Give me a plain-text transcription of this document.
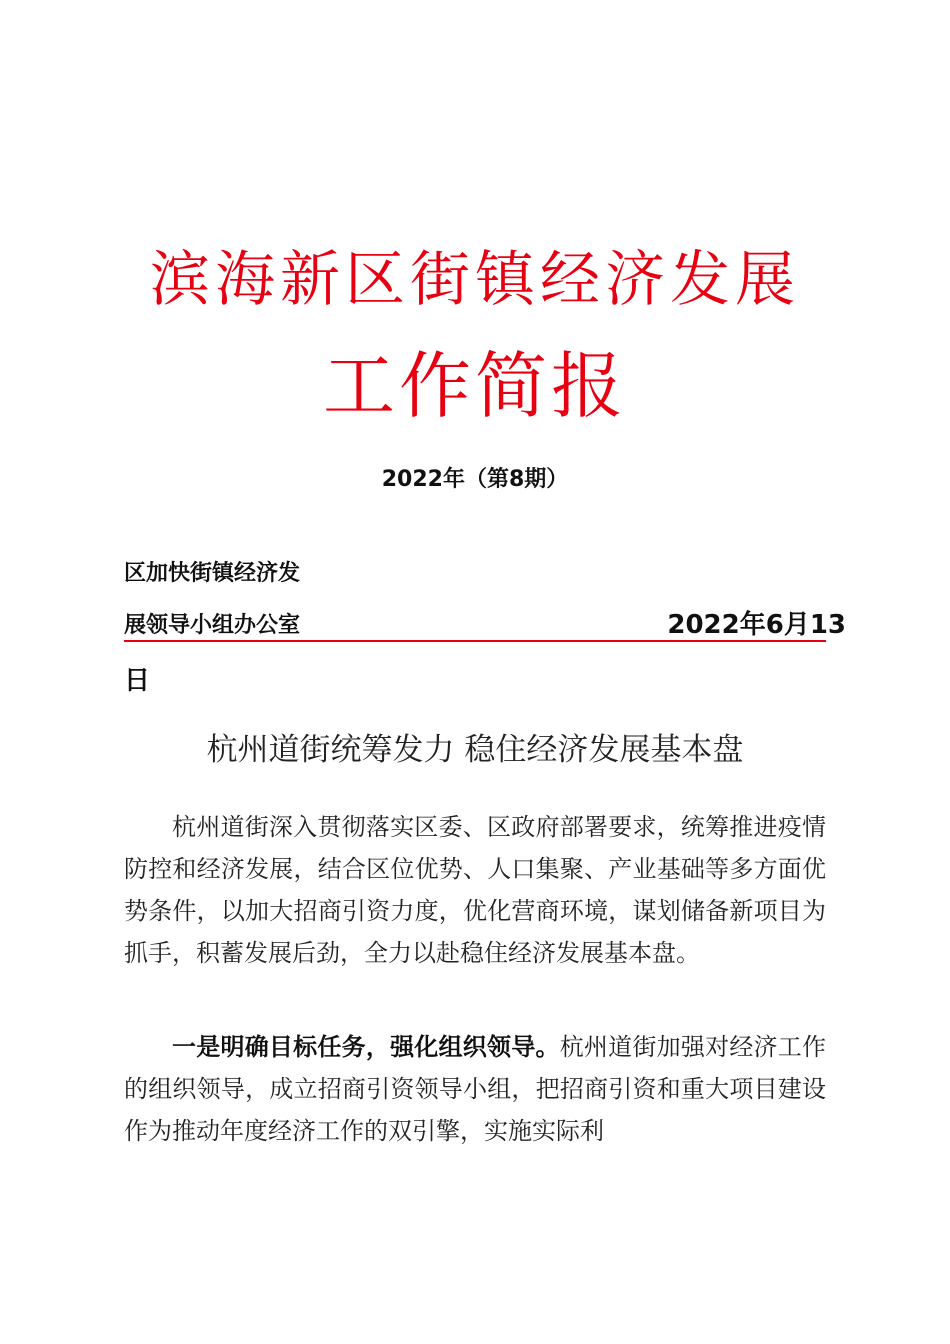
滨海新区街镇经济发展
工作简报
2022年（第8期）
区加快街镇经济发
展领导小组办公室	2022年6月13
日
杭州道街统筹发力 稳住经济发展基本盘

杭州道街深入贯彻落实区委、区政府部署要求，统筹推进疫情防控和经济发展，结合区位优势、人口集聚、产业基础等多方面优势条件，以加大招商引资力度，优化营商环境，谋划储备新项目为抓手，积蓄发展后劲，全力以赴稳住经济发展基本盘。

一是明确目标任务，强化组织领导。杭州道街加强对经济工作的组织领导，成立招商引资领导小组，把招商引资和重大项目建设作为推动年度经济工作的双引擎，实施实际利
